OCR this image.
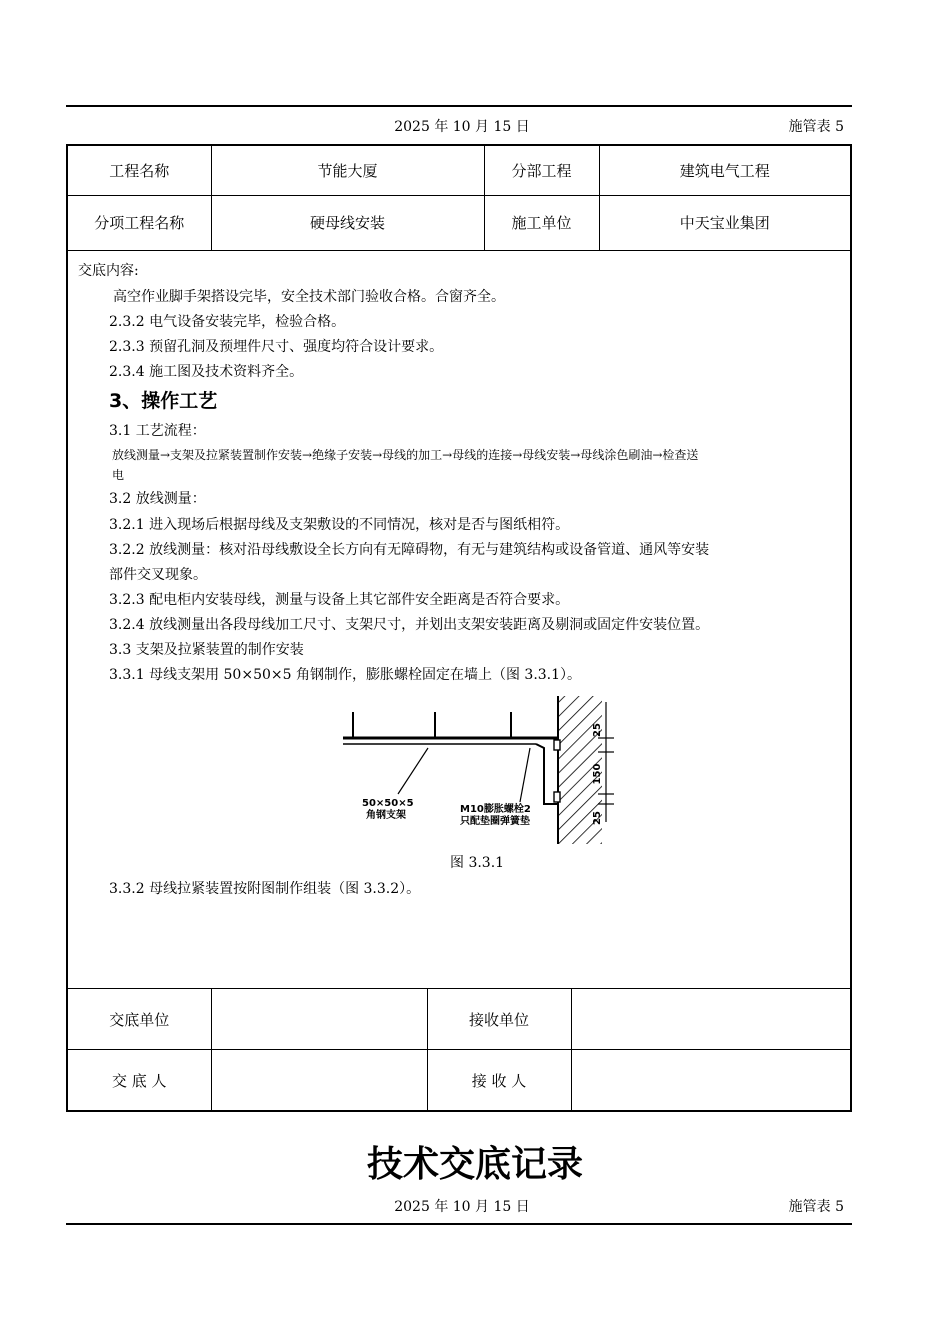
2025 年 10 月 15 日	施管表 5
工程名称	节能大厦	分部工程	建筑电气工程
分项工程名称	硬母线安装	施工单位	中天宝业集团
交底内容:
高空作业脚手架搭设完毕，安全技术部门验收合格。合窗齐全。
2.3.2 电气设备安装完毕，检验合格。
2.3.3 预留孔洞及预埋件尺寸、强度均符合设计要求。
2.3.4 施工图及技术资料齐全。
3、操作工艺
3.1 工艺流程：
放线测量→支架及拉紧装置制作安装→绝缘子安装→母线的加工→母线的连接→母线安装→母线涂色刷油→检查送
电
3.2 放线测量：
3.2.1 进入现场后根据母线及支架敷设的不同情况，核对是否与图纸相符。
3.2.2 放线测量：核对沿母线敷设全长方向有无障碍物，有无与建筑结构或设备管道、通风等安装
部件交叉现象。
3.2.3 配电柜内安装母线，测量与设备上其它部件安全距离是否符合要求。
3.2.4 放线测量出各段母线加工尺寸、支架尺寸，并划出支架安装距离及剔洞或固定件安装位置。
3.3 支架及拉紧装置的制作安装
3.3.1 母线支架用 50×50×5 角钢制作，膨胀螺栓固定在墙上（图 3.3.1）。
25
150
25
50×50×5
角钢支架
M10膨胀螺栓2
只配垫圈弹簧垫
图 3.3.1
3.3.2 母线拉紧装置按附图制作组装（图 3.3.2）。
交底单位		接收单位	
交 底 人		接 收 人	
技术交底记录
2025 年 10 月 15 日	施管表 5
